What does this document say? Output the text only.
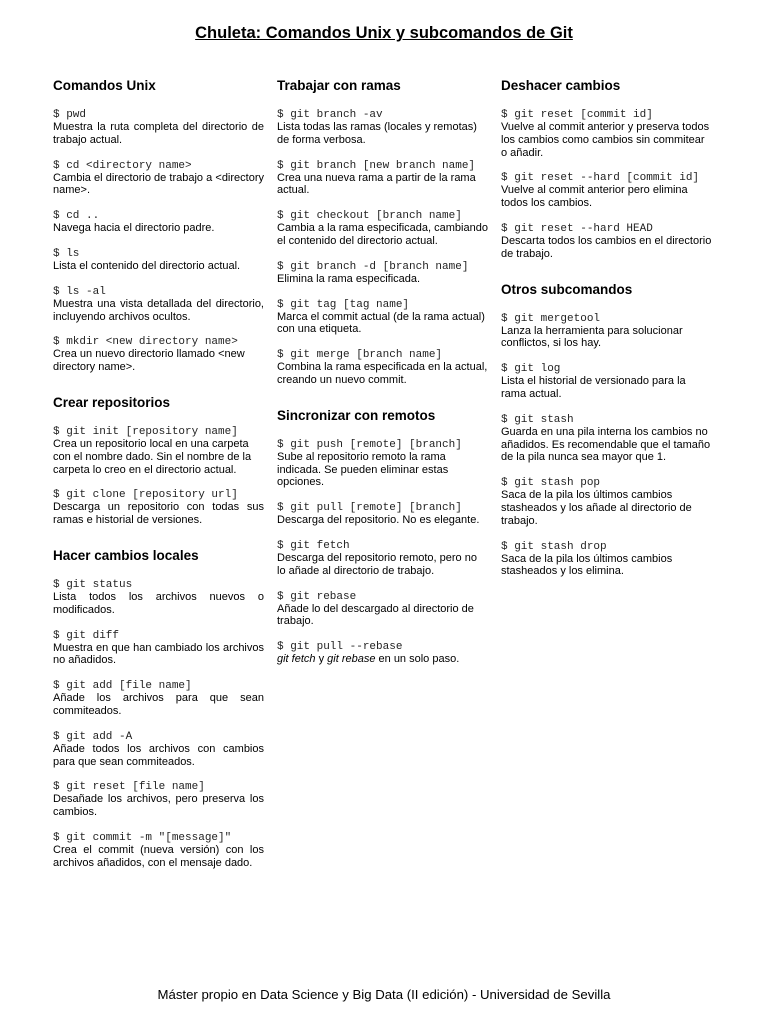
Chuleta: Comandos Unix y subcomandos de Git
Comandos Unix
$ pwd
Muestra la ruta completa del directorio de trabajo actual.
$ cd <directory name>
Cambia el directorio de trabajo a <directory name>.
$ cd ..
Navega hacia el directorio padre.
$ ls
Lista el contenido del directorio actual.
$ ls -al
Muestra una vista detallada del directorio, incluyendo archivos ocultos.
$ mkdir <new directory name>
Crea un nuevo directorio llamado <new directory name>.
Crear repositorios
$ git init [repository name]
Crea un repositorio local en una carpeta con el nombre dado. Sin el nombre de la carpeta lo creo en el directorio actual.
$ git clone [repository url]
Descarga un repositorio con todas sus ramas e historial de versiones.
Hacer cambios locales
$ git status
Lista todos los archivos nuevos o modificados.
$ git diff
Muestra en que han cambiado los archivos no añadidos.
$ git add [file name]
Añade los archivos para que sean commiteados.
$ git add -A
Añade todos los archivos con cambios para que sean commiteados.
$ git reset [file name]
Desañade los archivos, pero preserva los cambios.
$ git commit -m "[message]"
Crea el commit (nueva versión) con los archivos añadidos, con el mensaje dado.
Trabajar con ramas
$ git branch -av
Lista todas las ramas (locales y remotas) de forma verbosa.
$ git branch [new branch name]
Crea una nueva rama a partir de la rama actual.
$ git checkout [branch name]
Cambia a la rama especificada, cambiando el contenido del directorio actual.
$ git branch -d [branch name]
Elimina la rama especificada.
$ git tag [tag name]
Marca el commit actual (de la rama actual) con una etiqueta.
$ git merge [branch name]
Combina la rama especificada en la actual, creando un nuevo commit.
Sincronizar con remotos
$ git push [remote] [branch]
Sube al repositorio remoto la rama indicada. Se pueden eliminar estas opciones.
$ git pull [remote] [branch]
Descarga del repositorio. No es elegante.
$ git fetch
Descarga del repositorio remoto, pero no lo añade al directorio de trabajo.
$ git rebase
Añade lo del descargado al directorio de trabajo.
$ git pull --rebase
git fetch y git rebase en un solo paso.
Deshacer cambios
$ git reset [commit id]
Vuelve al commit anterior y preserva todos los cambios como cambios sin commitear o añadir.
$ git reset --hard [commit id]
Vuelve al commit anterior pero elimina todos los cambios.
$ git reset --hard HEAD
Descarta todos los cambios en el directorio de trabajo.
Otros subcomandos
$ git mergetool
Lanza la herramienta para solucionar conflictos, si los hay.
$ git log
Lista el historial de versionado para la rama actual.
$ git stash
Guarda en una pila interna los cambios no añadidos. Es recomendable que el tamaño de la pila nunca sea mayor que 1.
$ git stash pop
Saca de la pila los últimos cambios stasheados y los añade al directorio de trabajo.
$ git stash drop
Saca de la pila los últimos cambios stasheados y los elimina.
Máster propio en Data Science y Big Data (II edición) - Universidad de Sevilla
